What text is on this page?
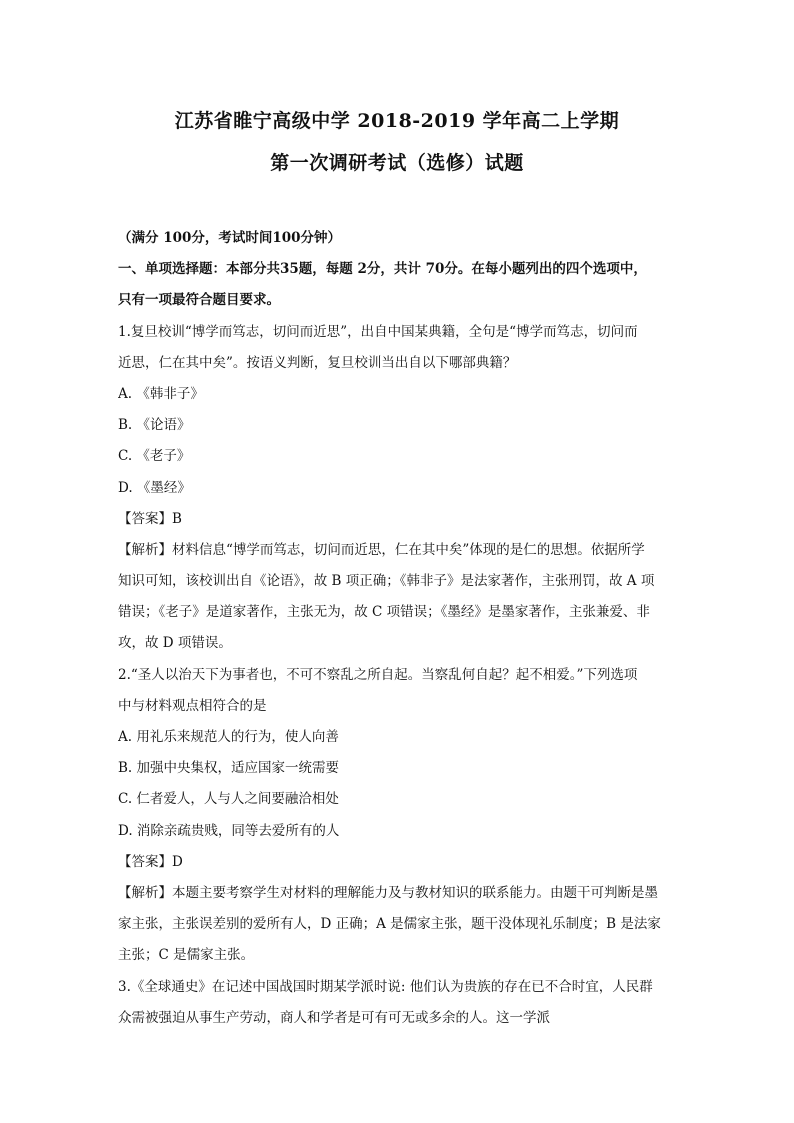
江苏省睢宁高级中学 2018-2019 学年高二上学期
第一次调研考试（选修）试题
（满分 100分，考试时间100分钟）
一、单项选择题：本部分共35题，每题 2分，共计 70分。在每小题列出的四个选项中，
只有一项最符合题目要求。
1.复旦校训“博学而笃志，切问而近思”，出自中国某典籍，全句是“博学而笃志，切问而
近思，仁在其中矣”。按语义判断，复旦校训当出自以下哪部典籍？
A. 《韩非子》
B. 《论语》
C. 《老子》
D. 《墨经》
【答案】B
【解析】材料信息“博学而笃志，切问而近思，仁在其中矣”体现的是仁的思想。依据所学
知识可知，该校训出自《论语》，故 B 项正确；《韩非子》是法家著作，主张刑罚，故 A 项
错误；《老子》是道家著作，主张无为，故 C 项错误；《墨经》是墨家著作，主张兼爱、非
攻，故 D 项错误。
2.“圣人以治天下为事者也，不可不察乱之所自起。当察乱何自起？起不相爱。”下列选项
中与材料观点相符合的是
A. 用礼乐来规范人的行为，使人向善
B. 加强中央集权，适应国家一统需要
C. 仁者爱人，人与人之间要融洽相处
D. 消除亲疏贵贱，同等去爱所有的人
【答案】D
【解析】本题主要考察学生对材料的理解能力及与教材知识的联系能力。由题干可判断是墨
家主张，主张误差别的爱所有人，D 正确；A 是儒家主张，题干没体现礼乐制度；B 是法家
主张；C 是儒家主张。
3.《全球通史》在记述中国战国时期某学派时说: 他们认为贵族的存在已不合时宜，人民群
众需被强迫从事生产劳动，商人和学者是可有可无或多余的人。这一学派
